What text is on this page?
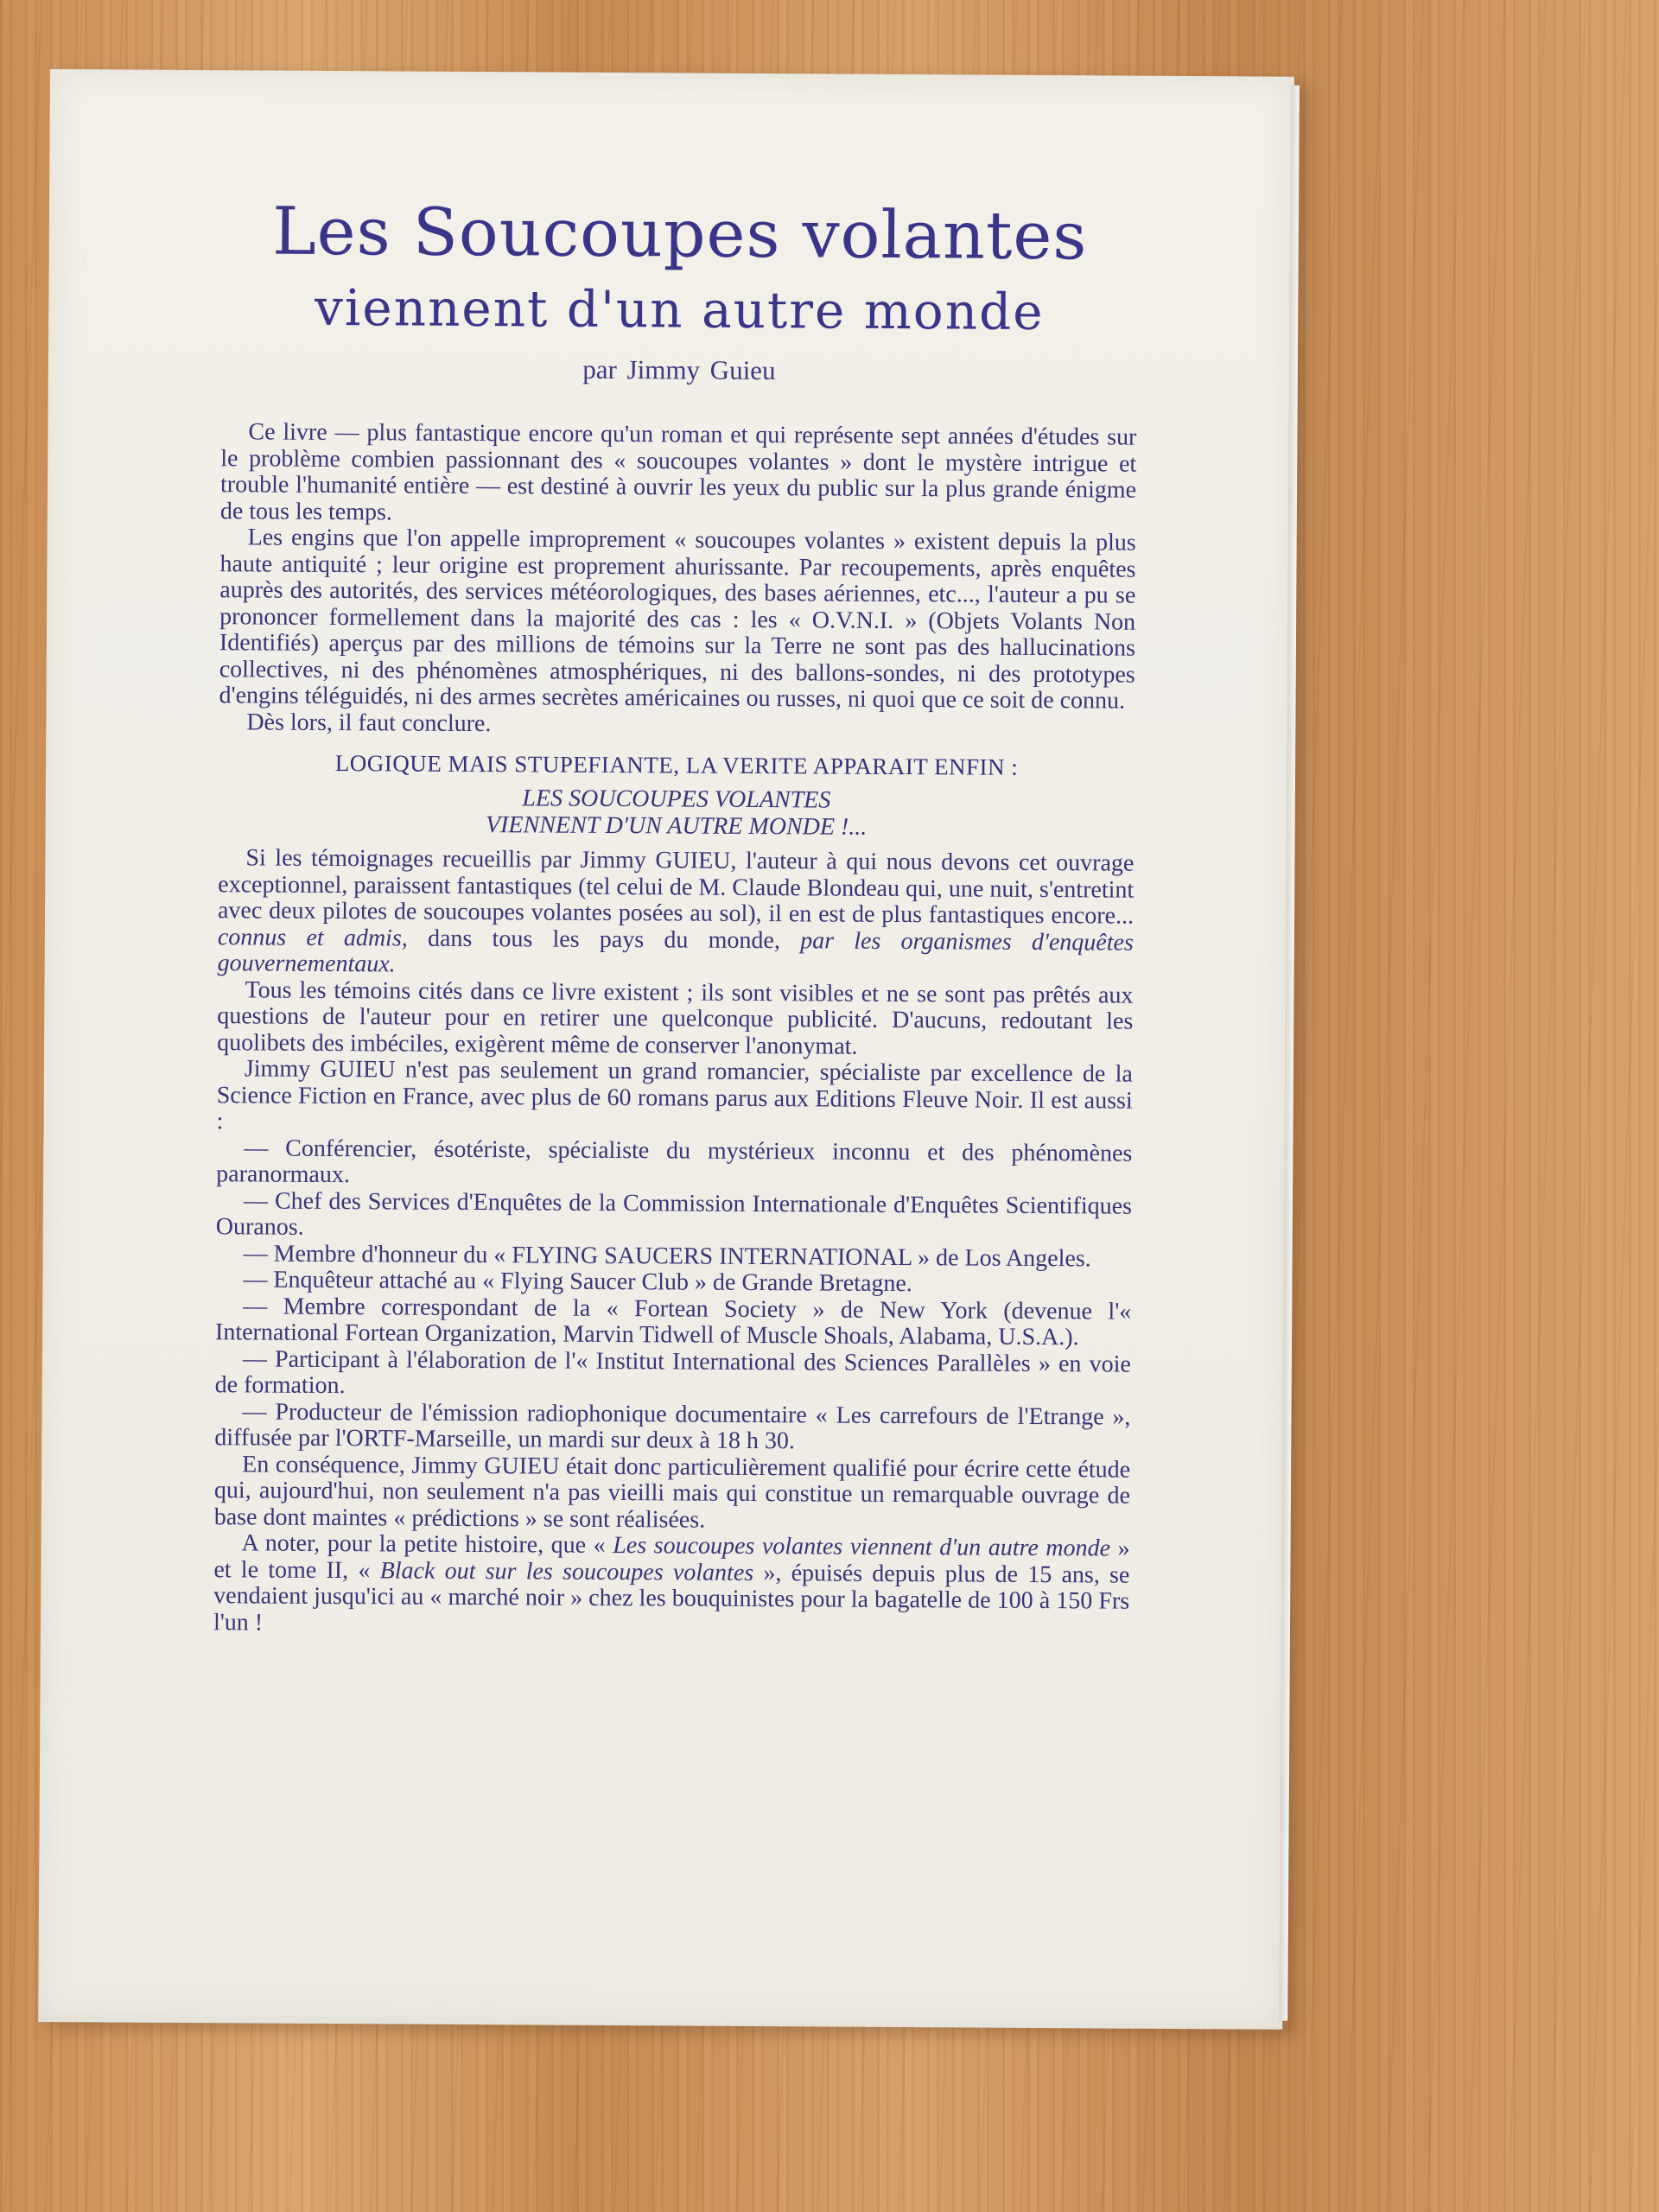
Les Soucoupes volantes
viennent d'un autre monde
par Jimmy Guieu

Ce livre — plus fantastique encore qu'un roman et qui représente sept années d'études sur le problème combien passionnant des « soucoupes volantes » dont le mystère intrigue et trouble l'humanité entière — est destiné à ouvrir les yeux du public sur la plus grande énigme de tous les temps.

Les engins que l'on appelle improprement « soucoupes volantes » existent depuis la plus haute antiquité ; leur origine est proprement ahurissante. Par recoupements, après enquêtes auprès des autorités, des services météorologiques, des bases aériennes, etc..., l'auteur a pu se prononcer formellement dans la majorité des cas : les « O.V.N.I. » (Objets Volants Non Identifiés) aperçus par des millions de témoins sur la Terre ne sont pas des hallucinations collectives, ni des phénomènes atmosphériques, ni des ballons-sondes, ni des prototypes d'engins téléguidés, ni des armes secrètes américaines ou russes, ni quoi que ce soit de connu.

Dès lors, il faut conclure.

LOGIQUE MAIS STUPEFIANTE, LA VERITE APPARAIT ENFIN :

LES SOUCOUPES VOLANTES

VIENNENT D'UN AUTRE MONDE !...

Si les témoignages recueillis par Jimmy GUIEU, l'auteur à qui nous devons cet ouvrage exceptionnel, paraissent fantastiques (tel celui de M. Claude Blondeau qui, une nuit, s'entretint avec deux pilotes de soucoupes volantes posées au sol), il en est de plus fantastiques encore... connus et admis, dans tous les pays du monde, par les organismes d'enquêtes gouvernementaux.

Tous les témoins cités dans ce livre existent ; ils sont visibles et ne se sont pas prêtés aux questions de l'auteur pour en retirer une quelconque publicité. D'aucuns, redoutant les quolibets des imbéciles, exigèrent même de conserver l'anonymat.

Jimmy GUIEU n'est pas seulement un grand romancier, spécialiste par excellence de la Science Fiction en France, avec plus de 60 romans parus aux Editions Fleuve Noir. Il est aussi :

— Conférencier, ésotériste, spécialiste du mystérieux inconnu et des phénomènes paranormaux.

— Chef des Services d'Enquêtes de la Commission Internationale d'Enquêtes Scientifiques Ouranos.

— Membre d'honneur du « FLYING SAUCERS INTERNATIONAL » de Los Angeles.

— Enquêteur attaché au « Flying Saucer Club » de Grande Bretagne.

— Membre correspondant de la « Fortean Society » de New York (devenue l'« International Fortean Organization, Marvin Tidwell of Muscle Shoals, Alabama, U.S.A.).

— Participant à l'élaboration de l'« Institut International des Sciences Parallèles » en voie de formation.

— Producteur de l'émission radiophonique documentaire « Les carrefours de l'Etrange », diffusée par l'ORTF-Marseille, un mardi sur deux à 18 h 30.

En conséquence, Jimmy GUIEU était donc particulièrement qualifié pour écrire cette étude qui, aujourd'hui, non seulement n'a pas vieilli mais qui constitue un remarquable ouvrage de base dont maintes « prédictions » se sont réalisées.

A noter, pour la petite histoire, que « Les soucoupes volantes viennent d'un autre monde » et le tome II, « Black out sur les soucoupes volantes », épuisés depuis plus de 15 ans, se vendaient jusqu'ici au « marché noir » chez les bouquinistes pour la bagatelle de 100 à 150 Frs l'un !
